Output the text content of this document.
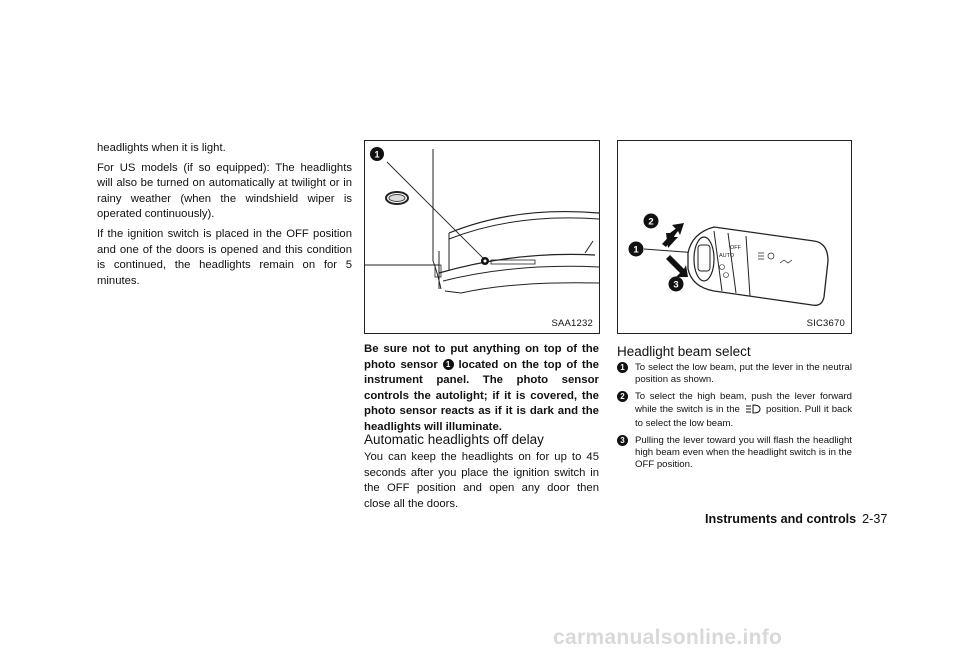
headlights when it is light.

For US models (if so equipped): The headlights will also be turned on automatically at twilight or in rainy weather (when the windshield wiper is operated continuously).

If the ignition switch is placed in the OFF position and one of the doors is opened and this condition is continued, the headlights remain on for 5 minutes.

1
SAA1232
2
1
3
OFF
AUTO
SIC3670
Be sure not to put anything on top of the photo sensor 1 located on the top of the instrument panel. The photo sensor controls the autolight; if it is covered, the photo sensor reacts as if it is dark and the headlights will illuminate.
Automatic headlights off delay

You can keep the headlights on for up to 45 seconds after you place the ignition switch in the OFF position and open any door then close all the doors.

Headlight beam select
1	To select the low beam, put the lever in the neutral position as shown.
2	To select the high beam, push the lever forward while the switch is in the	position. Pull it back to select the low beam.
3	Pulling the lever toward you will flash the headlight high beam even when the headlight switch is in the OFF position.
Instruments and controls 2-37
carmanualsonline.info
